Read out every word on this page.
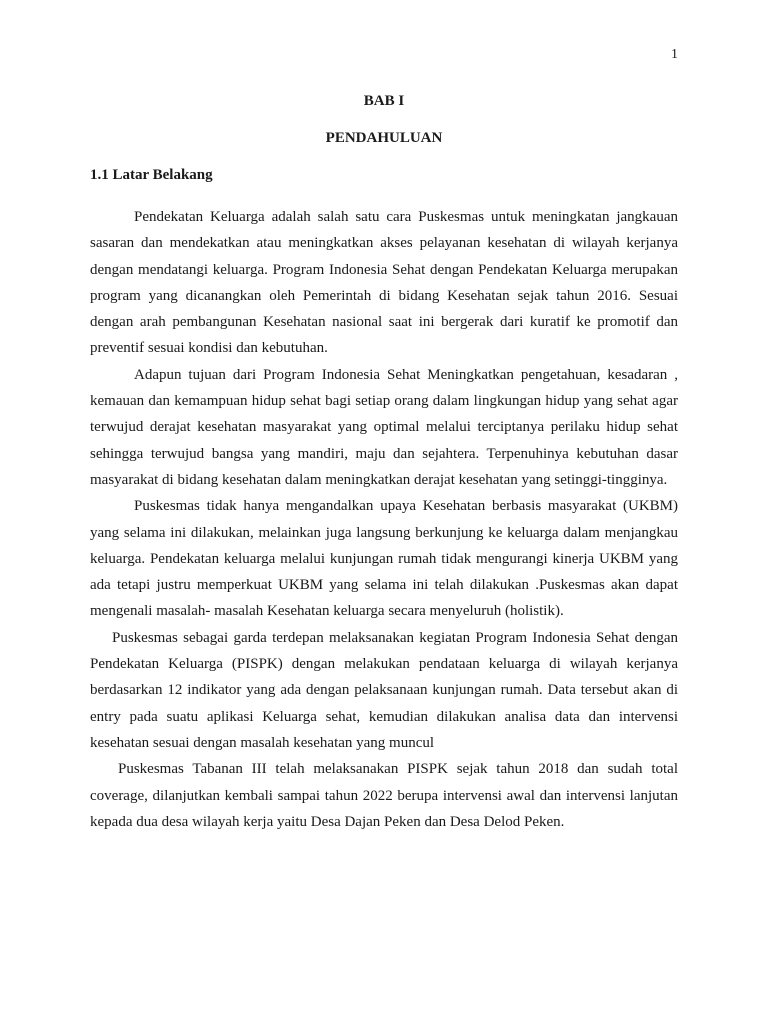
1
BAB I
PENDAHULUAN
1.1 Latar Belakang

Pendekatan Keluarga adalah salah satu cara Puskesmas untuk meningkatan jangkauan sasaran dan mendekatkan atau meningkatkan akses pelayanan kesehatan di wilayah kerjanya dengan mendatangi keluarga. Program Indonesia Sehat dengan Pendekatan Keluarga merupakan program yang dicanangkan oleh Pemerintah di bidang Kesehatan sejak tahun 2016. Sesuai dengan arah pembangunan Kesehatan nasional saat ini bergerak dari kuratif ke promotif dan preventif sesuai kondisi dan kebutuhan.

Adapun tujuan dari Program Indonesia Sehat Meningkatkan pengetahuan, kesadaran , kemauan dan kemampuan hidup sehat bagi setiap orang dalam lingkungan hidup yang sehat agar terwujud derajat kesehatan masyarakat yang optimal melalui terciptanya perilaku hidup sehat sehingga terwujud bangsa yang mandiri, maju dan sejahtera. Terpenuhinya kebutuhan dasar masyarakat di bidang kesehatan dalam meningkatkan derajat kesehatan yang setinggi-tingginya.

Puskesmas tidak hanya mengandalkan upaya Kesehatan berbasis masyarakat (UKBM) yang selama ini dilakukan, melainkan juga langsung berkunjung ke keluarga dalam menjangkau keluarga. Pendekatan keluarga melalui kunjungan rumah tidak mengurangi kinerja UKBM yang ada tetapi justru memperkuat UKBM yang selama ini telah dilakukan .Puskesmas akan dapat mengenali masalah- masalah Kesehatan keluarga secara menyeluruh (holistik).

Puskesmas sebagai garda terdepan melaksanakan kegiatan Program Indonesia Sehat dengan Pendekatan Keluarga (PISPK) dengan melakukan pendataan keluarga di wilayah kerjanya berdasarkan 12 indikator yang ada dengan pelaksanaan kunjungan rumah. Data tersebut akan di entry pada suatu aplikasi Keluarga sehat, kemudian dilakukan analisa data dan intervensi kesehatan sesuai dengan masalah kesehatan yang muncul

Puskesmas Tabanan III telah melaksanakan PISPK sejak tahun 2018 dan sudah total coverage, dilanjutkan kembali sampai tahun 2022 berupa intervensi awal dan intervensi lanjutan kepada dua desa wilayah kerja yaitu Desa Dajan Peken dan Desa Delod Peken.
